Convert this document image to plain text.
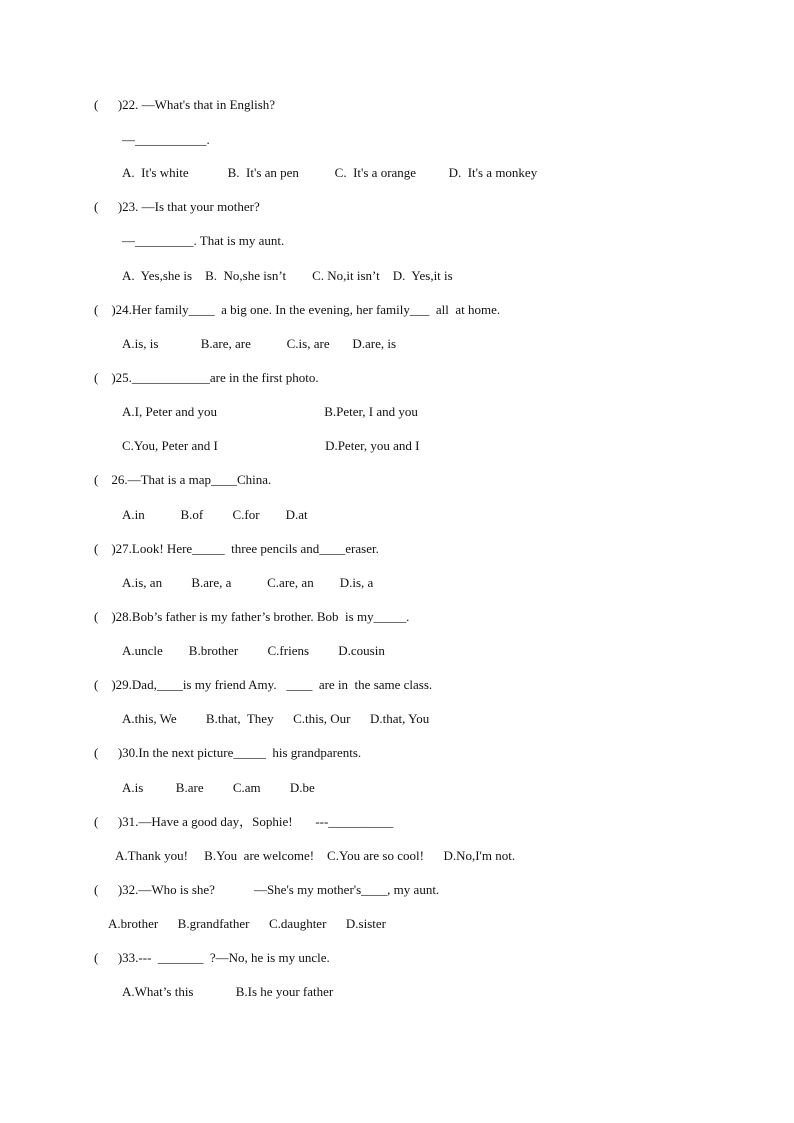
(      )22. —What's that in English?
—___________.
A.  It's white            B.  It's an pen           C.  It's a orange          D.  It's a monkey
(      )23. —Is that your mother?
—_________. That is my aunt.
A.  Yes,she is    B.  No,she isn’t        C. No,it isn’t    D.  Yes,it is
(    )24.Her family____  a big one. In the evening, her family___  all  at home.
A.is, is             B.are, are           C.is, are       D.are, is
(    )25.____________are in the first photo.
A.I, Peter and you                                 B.Peter, I and you
C.You, Peter and I                                 D.Peter, you and I
(    26.—That is a map____China.
A.in           B.of         C.for        D.at
(    )27.Look! Here_____  three pencils and____eraser.
A.is, an         B.are, a           C.are, an        D.is, a
(    )28.Bob’s father is my father’s brother. Bob  is my_____.
A.uncle        B.brother         C.friens         D.cousin
(    )29.Dad,____is my friend Amy.   ____  are in  the same class.
A.this, We         B.that,  They      C.this, Our      D.that, You
(      )30.In the next picture_____  his grandparents.
A.is          B.are         C.am         D.be
(      )31.—Have a good day，Sophie!       ---__________
A.Thank you!     B.You  are welcome!    C.You are so cool!      D.No,I'm not.
(      )32.—Who is she?            —She's my mother's____, my aunt.
A.brother      B.grandfather      C.daughter      D.sister
(      )33.---  _______  ?—No, he is my uncle.
A.What’s this             B.Is he your father
